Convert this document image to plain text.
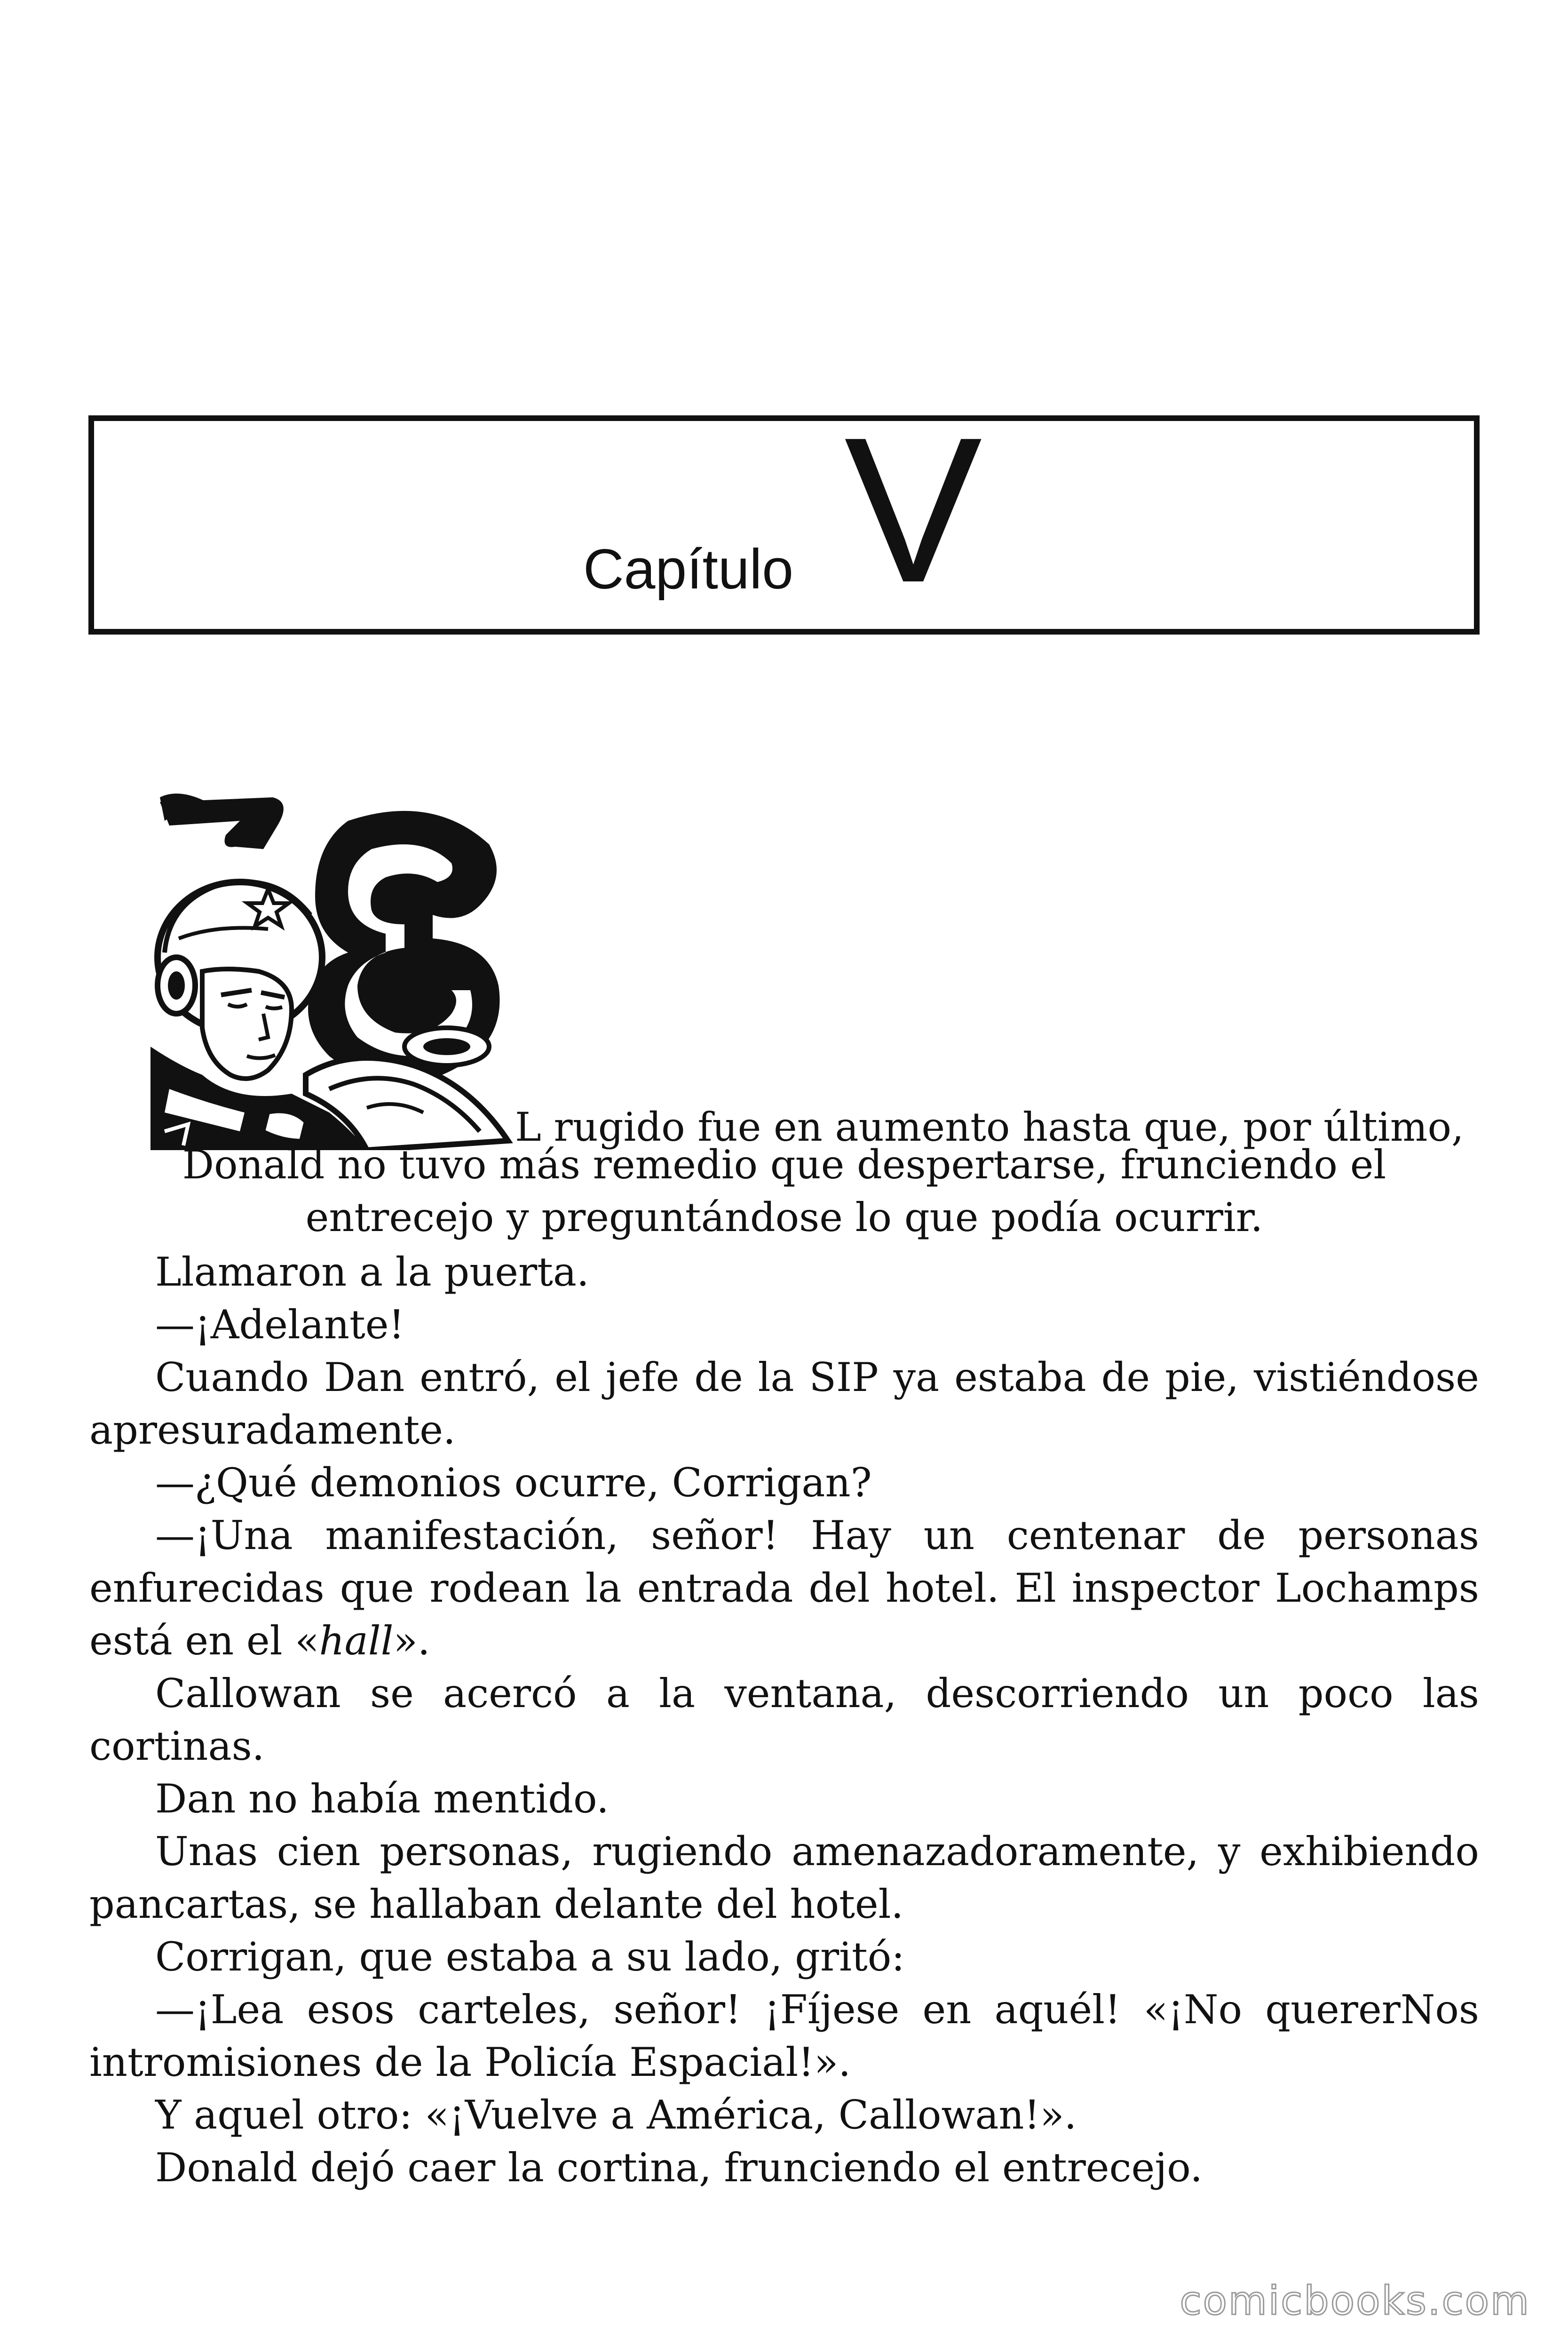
Capítulo V
L rugido fue en aumento hasta que, por último,
Donald no tuvo más remedio que despertarse, frunciendo el entrecejo y preguntándose lo que podía ocurrir.

Llamaron a la puerta.

—¡Adelante!

Cuando Dan entró, el jefe de la SIP ya estaba de pie, vistiéndose apresuradamente.

—¿Qué demonios ocurre, Corrigan?

—¡Una manifestación, señor! Hay un centenar de personas enfurecidas que rodean la entrada del hotel. El inspector Lochamps está en el «hall».

Callowan se acercó a la ventana, descorriendo un poco las cortinas.

Dan no había mentido.

Unas cien personas, rugiendo amenazadoramente, y exhibiendo pancartas, se hallaban delante del hotel.

Corrigan, que estaba a su lado, gritó:

—¡Lea esos carteles, señor! ¡Fíjese en aquél! «¡No quererNos intromisiones de la Policía Espacial!».

Y aquel otro: «¡Vuelve a América, Callowan!».

Donald dejó caer la cortina, frunciendo el entrecejo.

comicbooks.com
